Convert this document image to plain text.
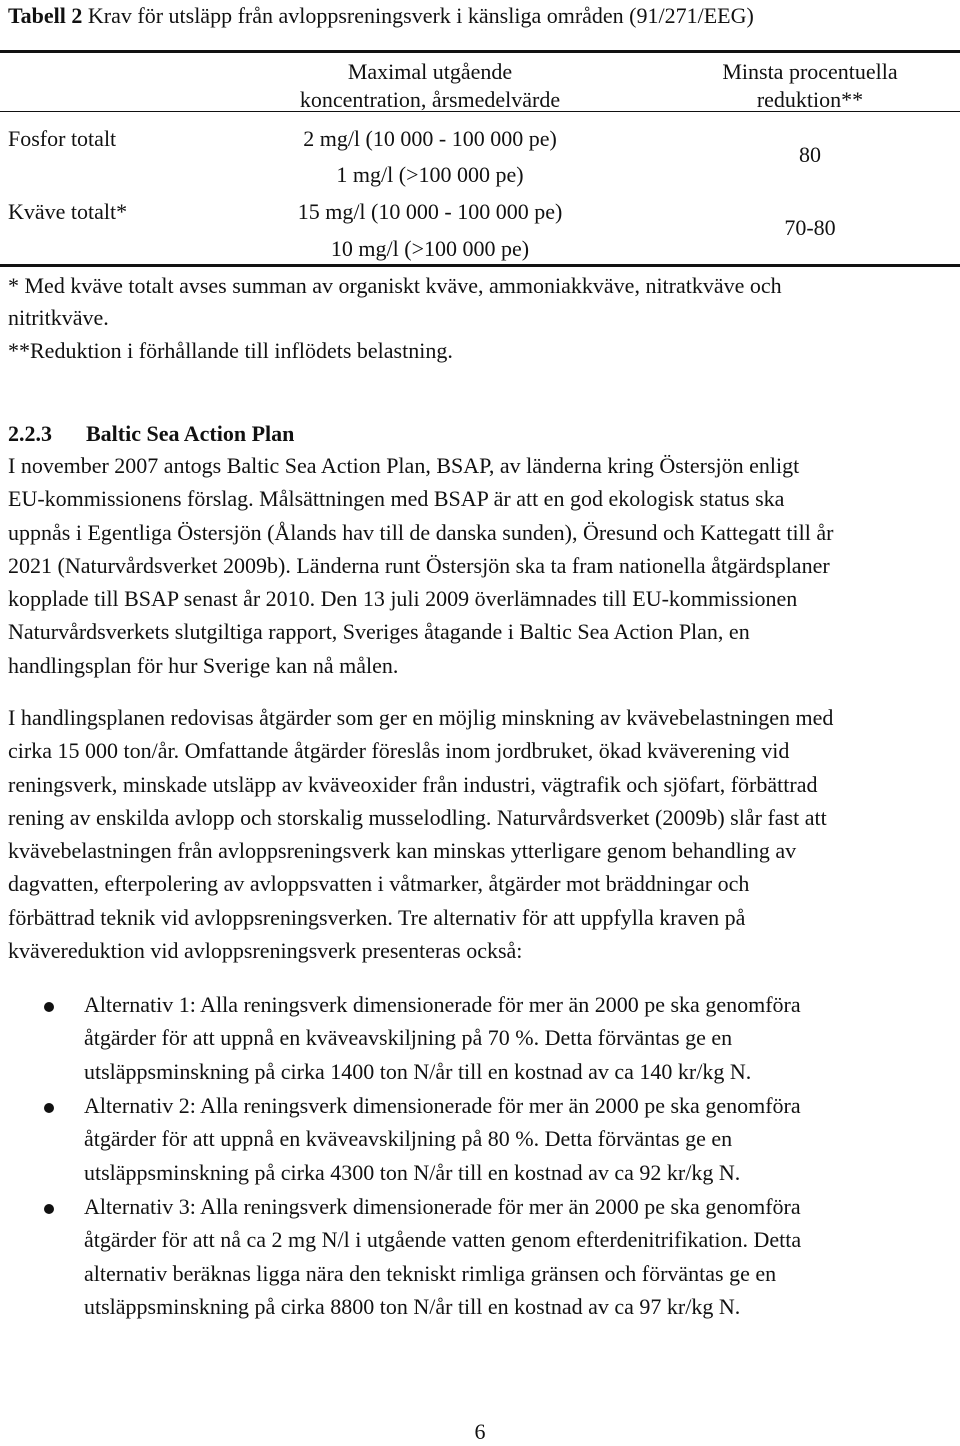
Tabell 2 Krav för utsläpp från avloppsreningsverk i känsliga områden (91/271/EEG)
Maximal utgående
koncentration, årsmedelvärde
Minsta procentuella
reduktion**
Fosfor totalt	2 mg/l (10 000 - 100 000 pe)
1 mg/l (>100 000 pe)
80
Kväve totalt*	15 mg/l (10 000 - 100 000 pe)
10 mg/l (>100 000 pe)
70-80
* Med kväve totalt avses summan av organiskt kväve, ammoniakkväve, nitratkväve och
nitritkväve.
**Reduktion i förhållande till inflödets belastning.
2.2.3 Baltic Sea Action Plan
I november 2007 antogs Baltic Sea Action Plan, BSAP, av länderna kring Östersjön enligt
EU-kommissionens förslag. Målsättningen med BSAP är att en god ekologisk status ska
uppnås i Egentliga Östersjön (Ålands hav till de danska sunden), Öresund och Kattegatt till år
2021 (Naturvårdsverket 2009b). Länderna runt Östersjön ska ta fram nationella åtgärdsplaner
kopplade till BSAP senast år 2010. Den 13 juli 2009 överlämnades till EU-kommissionen
Naturvårdsverkets slutgiltiga rapport, Sveriges åtagande i Baltic Sea Action Plan, en
handlingsplan för hur Sverige kan nå målen.
I handlingsplanen redovisas åtgärder som ger en möjlig minskning av kvävebelastningen med
cirka 15 000 ton/år. Omfattande åtgärder föreslås inom jordbruket, ökad kväverening vid
reningsverk, minskade utsläpp av kväveoxider från industri, vägtrafik och sjöfart, förbättrad
rening av enskilda avlopp och storskalig musselodling. Naturvårdsverket (2009b) slår fast att
kvävebelastningen från avloppsreningsverk kan minskas ytterligare genom behandling av
dagvatten, efterpolering av avloppsvatten i våtmarker, åtgärder mot bräddningar och
förbättrad teknik vid avloppsreningsverken. Tre alternativ för att uppfylla kraven på
kvävereduktion vid avloppsreningsverk presenteras också:
Alternativ 1: Alla reningsverk dimensionerade för mer än 2000 pe ska genomföra
åtgärder för att uppnå en kväveavskiljning på 70 %. Detta förväntas ge en
utsläppsminskning på cirka 1400 ton N/år till en kostnad av ca 140 kr/kg N.
Alternativ 2: Alla reningsverk dimensionerade för mer än 2000 pe ska genomföra
åtgärder för att uppnå en kväveavskiljning på 80 %. Detta förväntas ge en
utsläppsminskning på cirka 4300 ton N/år till en kostnad av ca 92 kr/kg N.
Alternativ 3: Alla reningsverk dimensionerade för mer än 2000 pe ska genomföra
åtgärder för att nå ca 2 mg N/l i utgående vatten genom efterdenitrifikation. Detta
alternativ beräknas ligga nära den tekniskt rimliga gränsen och förväntas ge en
utsläppsminskning på cirka 8800 ton N/år till en kostnad av ca 97 kr/kg N.
6
